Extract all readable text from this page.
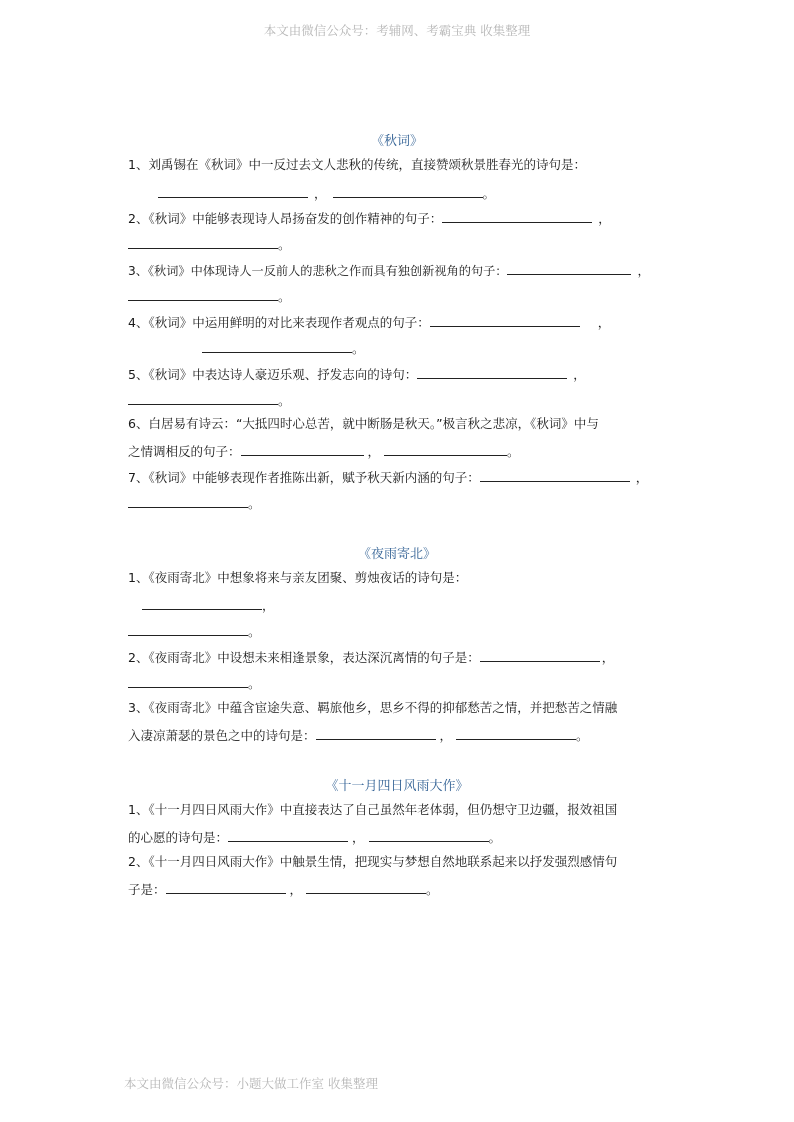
本文由微信公众号：考辅网、考霸宝典 收集整理
《秋词》
1、刘禹锡在《秋词》中一反过去文人悲秋的传统，直接赞颂秋景胜春光的诗句是：
，	。
2、《秋词》中能够表现诗人昂扬奋发的创作精神的句子：	，
。
3、《秋词》中体现诗人一反前人的悲秋之作而具有独创新视角的句子：	，
。
4、《秋词》中运用鲜明的对比来表现作者观点的句子：	，
。
5、《秋词》中表达诗人豪迈乐观、抒发志向的诗句：	，
。
6、白居易有诗云：“大抵四时心总苦，就中断肠是秋天。”极言秋之悲凉，《秋词》中与
之情调相反的句子：	，	。
7、《秋词》中能够表现作者推陈出新，赋予秋天新内涵的句子：	，
。
《夜雨寄北》
1、《夜雨寄北》中想象将来与亲友团聚、剪烛夜话的诗句是：
，
。
2、《夜雨寄北》中设想未来相逢景象，表达深沉离情的句子是：	，
。
3、《夜雨寄北》中蕴含宦途失意、羁旅他乡，思乡不得的抑郁愁苦之情，并把愁苦之情融
入凄凉萧瑟的景色之中的诗句是：	，	。
《十一月四日风雨大作》
1、《十一月四日风雨大作》中直接表达了自己虽然年老体弱，但仍想守卫边疆，报效祖国
的心愿的诗句是：	，	。
2、《十一月四日风雨大作》中触景生情，把现实与梦想自然地联系起来以抒发强烈感情句
子是：	，	。
本文由微信公众号：小题大做工作室 收集整理
